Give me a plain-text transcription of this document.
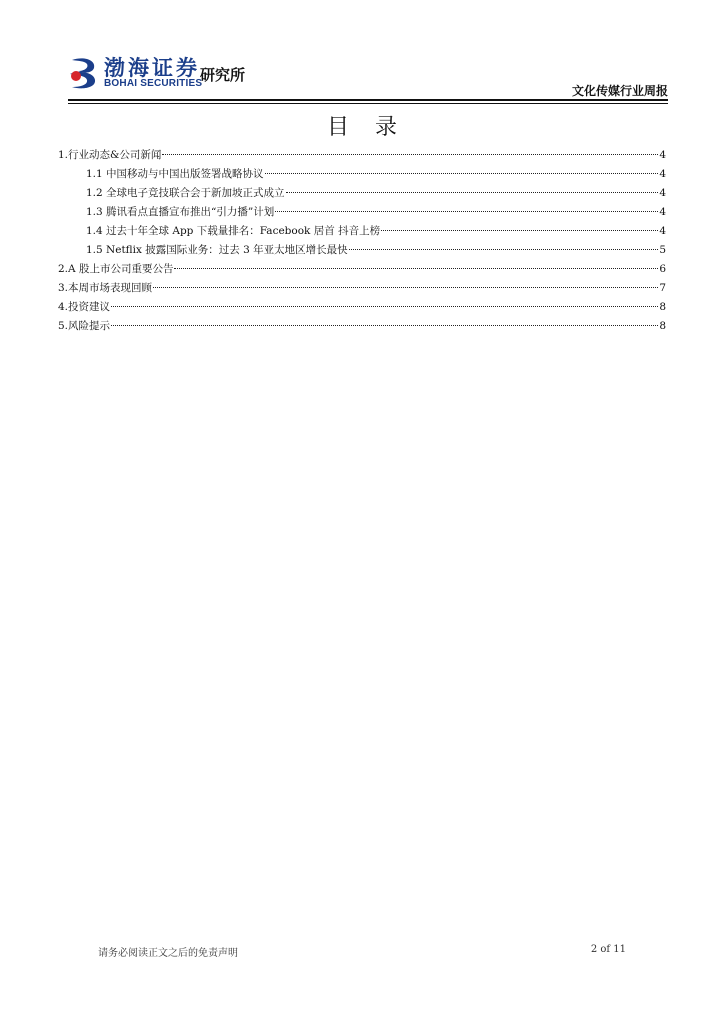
渤海证券
BOHAI SECURITIES
研究所
文化传媒行业周报
目录
1.行业动态&公司新闻	4
1.1 中国移动与中国出版签署战略协议	4
1.2 全球电子竞技联合会于新加坡正式成立	4
1.3 腾讯看点直播宣布推出“引力播”计划	4
1.4 过去十年全球 App 下载量排名：Facebook 居首 抖音上榜	4
1.5 Netflix 披露国际业务：过去 3 年亚太地区增长最快	5
2.A 股上市公司重要公告	6
3.本周市场表现回顾	7
4.投资建议	8
5.风险提示	8
请务必阅读正文之后的免责声明	2 of 11
